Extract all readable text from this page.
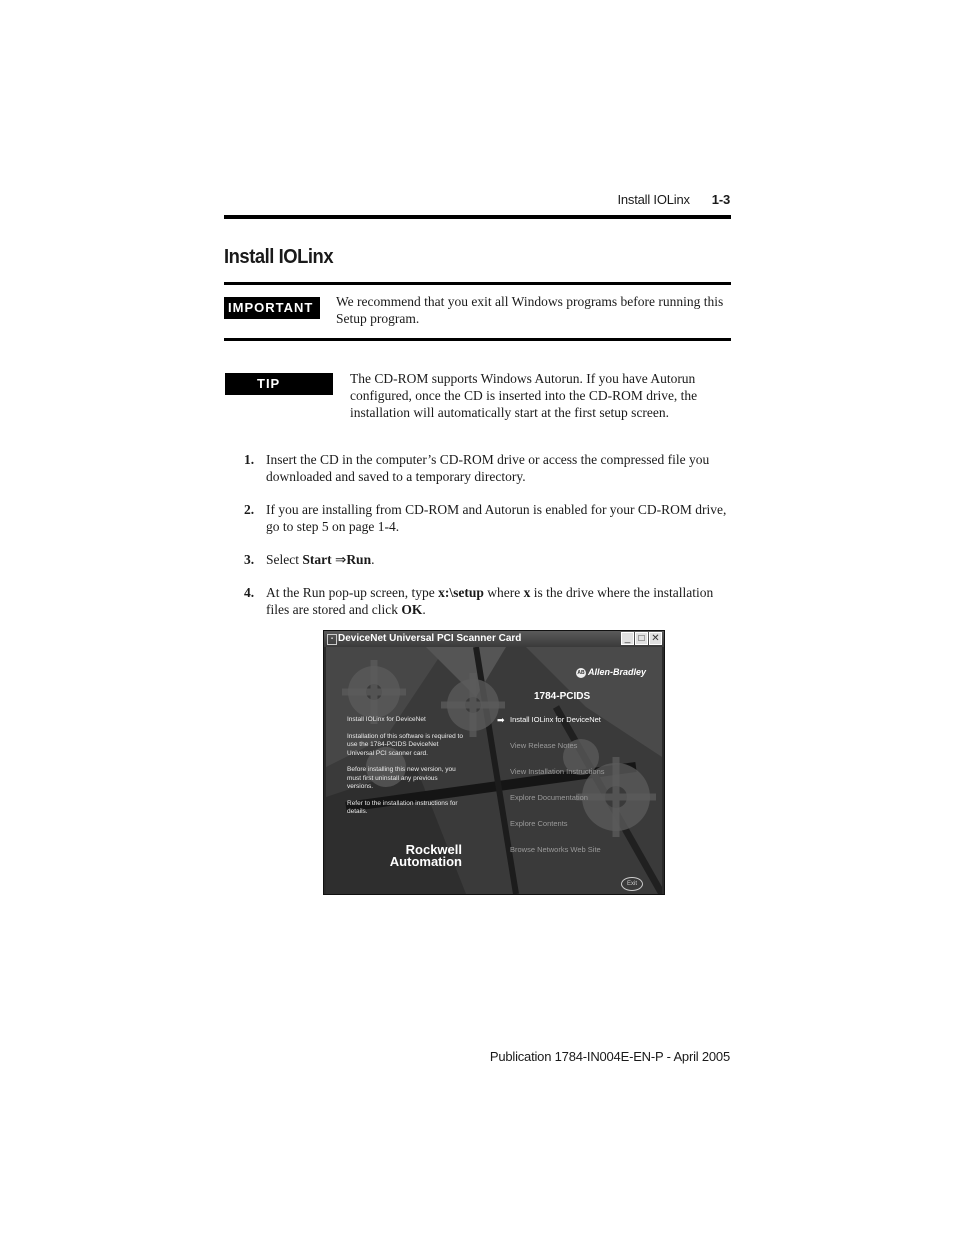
Install IOLinx 1-3
Install IOLinx
IMPORTANT	We recommend that you exit all Windows programs before running this Setup program.

TIP	The CD-ROM supports Windows Autorun. If you have Autorun configured, once the CD is inserted into the CD-ROM drive, the installation will automatically start at the first setup screen.

1. Insert the CD in the computer’s CD-ROM drive or access the compressed file you downloaded and saved to a temporary directory.
2. If you are installing from CD-ROM and Autorun is enabled for your CD-ROM drive, go to step 5 on page 1-4.
3. Select Start ⇒Run.
4. At the Run pop-up screen, type x:\setup where x is the drive where the installation files are stored and click OK.
▪ DeviceNet Universal PCI Scanner Card	_ □ ✕
AB Allen-Bradley
1784-PCIDS

Install IOLinx for DeviceNet

Installation of this software is required to use the 1784-PCIDS DeviceNet Universal PCI scanner card.

Before installing this new version, you must first uninstall any previous versions.

Refer to the installation instructions for details.

➡ Install IOLinx for DeviceNet
View Release Notes
View Installation Instructions
Explore Documentation
Explore Contents
Browse Networks Web Site
Rockwell
Automation
Exit
Publication 1784-IN004E-EN-P - April 2005
